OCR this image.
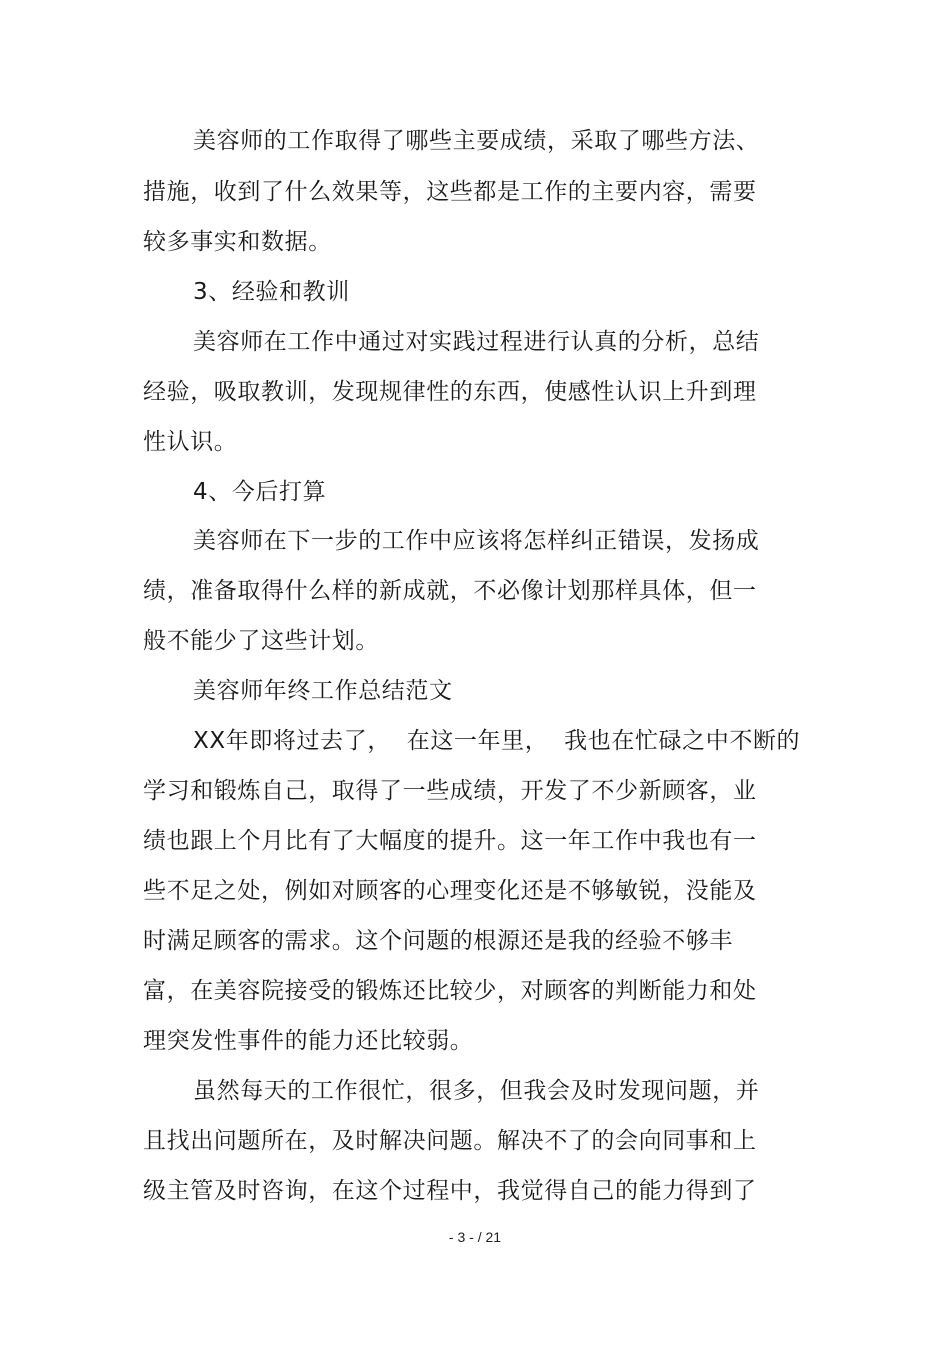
美容师的工作取得了哪些主要成绩，采取了哪些方法、
措施，收到了什么效果等，这些都是工作的主要内容，需要
较多事实和数据。
3、经验和教训
美容师在工作中通过对实践过程进行认真的分析，总结
经验，吸取教训，发现规律性的东西，使感性认识上升到理
性认识。
4、今后打算
美容师在下一步的工作中应该将怎样纠正错误，发扬成
绩，准备取得什么样的新成就，不必像计划那样具体，但一
般不能少了这些计划。
美容师年终工作总结范文
XX年即将过去了，  在这一年里，  我也在忙碌之中不断的
学习和锻炼自己，取得了一些成绩，开发了不少新顾客，业
绩也跟上个月比有了大幅度的提升。这一年工作中我也有一
些不足之处，例如对顾客的心理变化还是不够敏锐，没能及
时满足顾客的需求。这个问题的根源还是我的经验不够丰
富，在美容院接受的锻炼还比较少，对顾客的判断能力和处
理突发性事件的能力还比较弱。
虽然每天的工作很忙，很多，但我会及时发现问题，并
且找出问题所在，及时解决问题。解决不了的会向同事和上
级主管及时咨询，在这个过程中，我觉得自己的能力得到了
- 3 - / 21
